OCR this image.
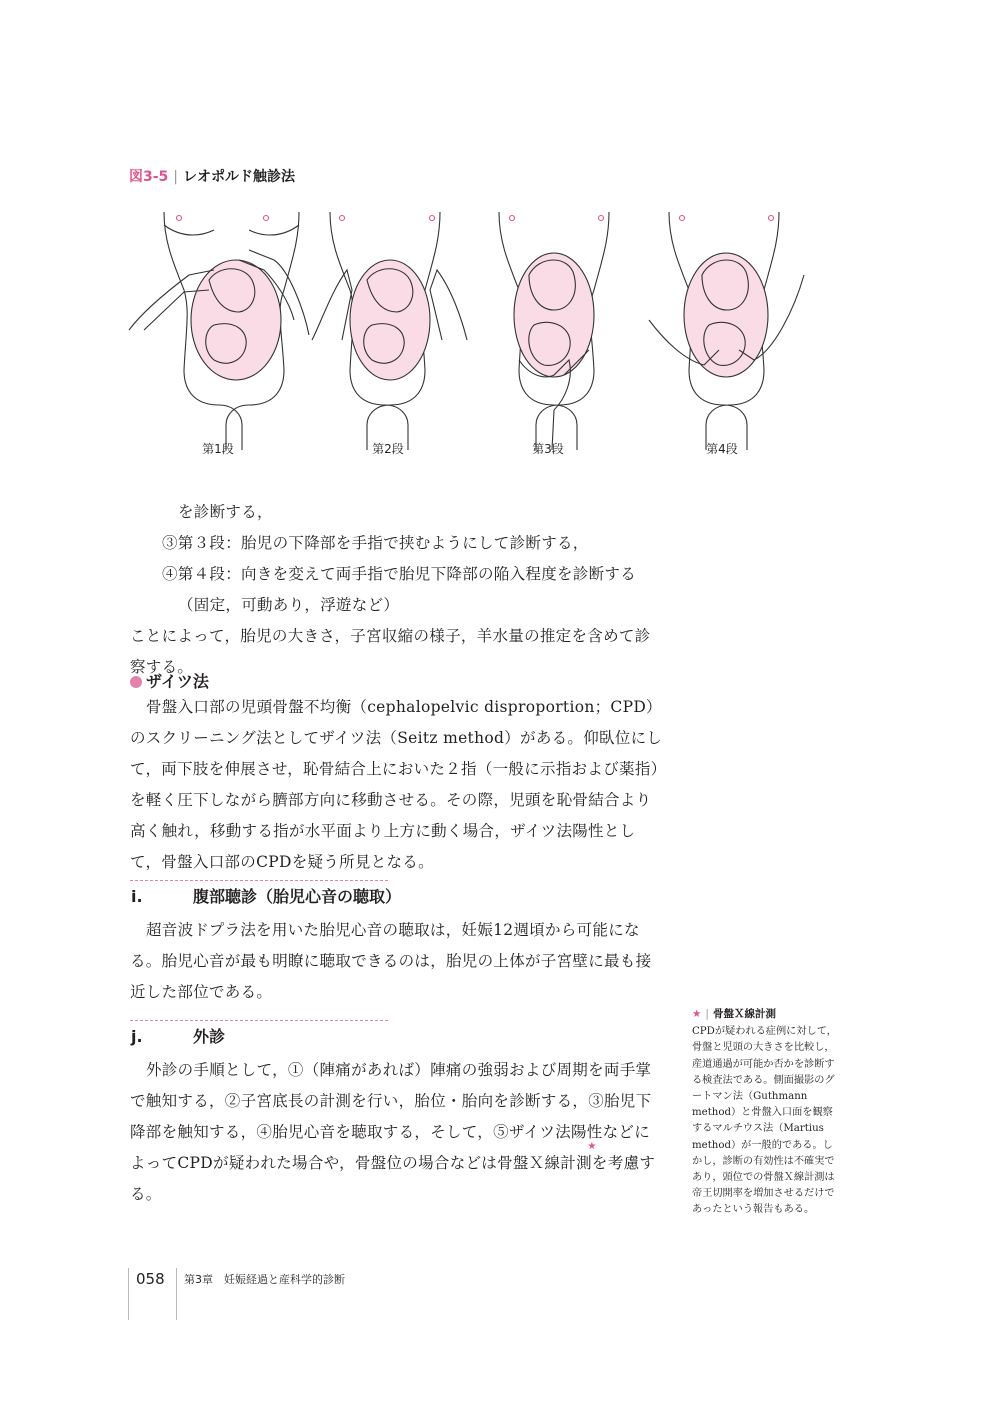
図3-5 | レオポルド触診法
第1段	第2段	第3段	第4段

を診断する，

③第３段：胎児の下降部を手指で挟むようにして診断する，

④第４段：向きを変えて両手指で胎児下降部の陥入程度を診断する（固定，可動あり，浮遊など）

ことによって，胎児の大きさ，子宮収縮の様子，羊水量の推定を含めて診察する。

ザイツ法

骨盤入口部の児頭骨盤不均衡（cephalopelvic disproportion；CPD）のスクリーニング法としてザイツ法（Seitz method）がある。仰臥位にして，両下肢を伸展させ，恥骨結合上においた２指（一般に示指および薬指）を軽く圧下しながら臍部方向に移動させる。その際，児頭を恥骨結合より高く触れ，移動する指が水平面より上方に動く場合，ザイツ法陽性として，骨盤入口部のCPDを疑う所見となる。

i.	腹部聴診（胎児心音の聴取）

超音波ドプラ法を用いた胎児心音の聴取は，妊娠12週頃から可能になる。胎児心音が最も明瞭に聴取できるのは，胎児の上体が子宮壁に最も接近した部位である。

j.	外診

外診の手順として，①（陣痛があれば）陣痛の強弱および周期を両手掌で触知する，②子宮底長の計測を行い，胎位・胎向を診断する，③胎児下降部を触知する，④胎児心音を聴取する，そして，⑤ザイツ法陽性などによってCPDが疑われた場合や，骨盤位の場合などは骨盤Ｘ線計
★
測を考慮する。

★ | 骨盤Ｘ線計測
CPDが疑われる症例に対して，骨盤と児頭の大きさを比較し，産道通過が可能か否かを診断する検査法である。側面撮影のグートマン法（Guthmann method）と骨盤入口面を観察するマルチウス法（Martius method）が一般的である。しかし，診断の有効性は不確実であり，頭位での骨盤Ｘ線計測は帝王切開率を増加させるだけであったという報告もある。
058 第3章　妊娠経過と産科学的診断
